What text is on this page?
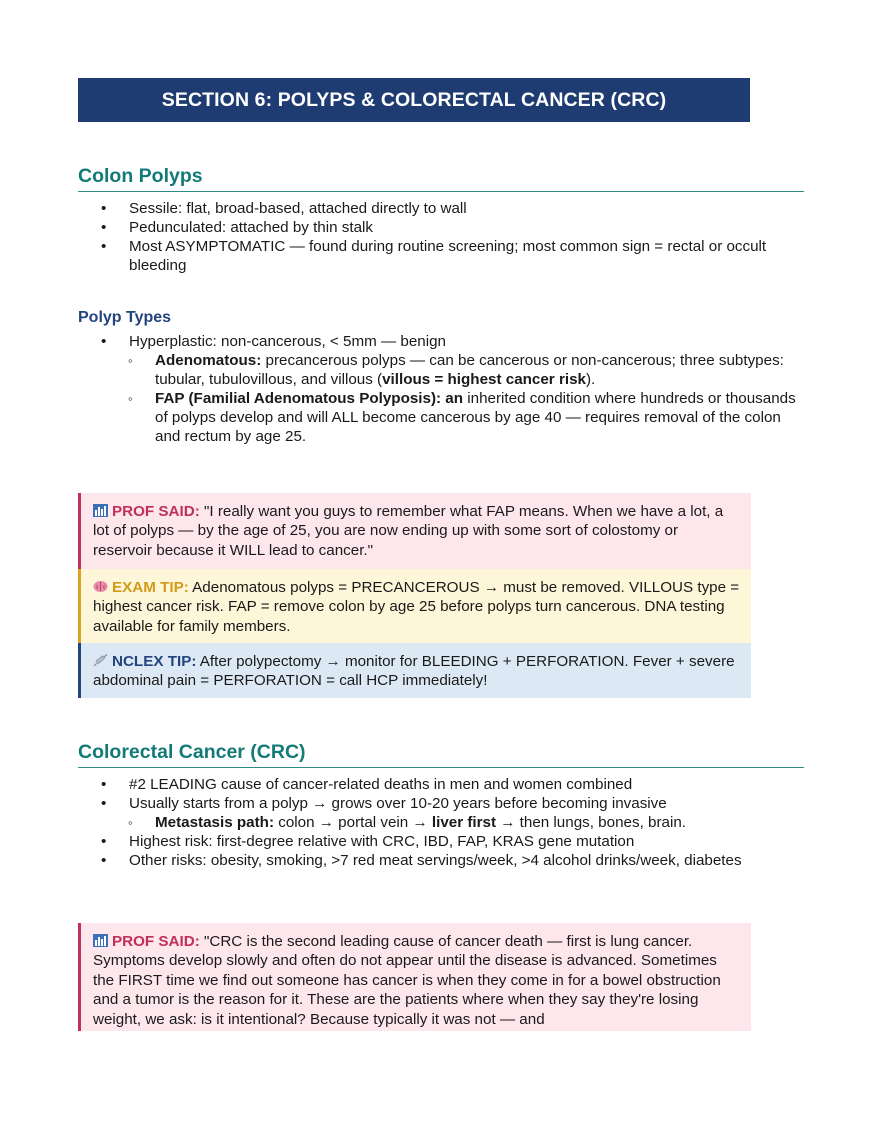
SECTION 6: POLYPS & COLORECTAL CANCER (CRC)
Colon Polyps
• Sessile: flat, broad-based, attached directly to wall
• Pedunculated: attached by thin stalk
• Most ASYMPTOMATIC — found during routine screening; most common sign = rectal or occult bleeding
Polyp Types
• Hyperplastic: non-cancerous, < 5mm — benign
◦ Adenomatous: precancerous polyps — can be cancerous or non-cancerous; three subtypes: tubular, tubulovillous, and villous (villous = highest cancer risk).
◦ FAP (Familial Adenomatous Polyposis): an inherited condition where hundreds or thousands of polyps develop and will ALL become cancerous by age 40 — requires removal of the colon and rectum by age 25.
PROF SAID: "I really want you guys to remember what FAP means. When we have a lot, a lot of polyps — by the age of 25, you are now ending up with some sort of colostomy or reservoir because it WILL lead to cancer."
EXAM TIP: Adenomatous polyps = PRECANCEROUS → must be removed. VILLOUS type = highest cancer risk. FAP = remove colon by age 25 before polyps turn cancerous. DNA testing available for family members.
NCLEX TIP: After polypectomy → monitor for BLEEDING + PERFORATION. Fever + severe abdominal pain = PERFORATION = call HCP immediately!
Colorectal Cancer (CRC)
• #2 LEADING cause of cancer-related deaths in men and women combined
• Usually starts from a polyp → grows over 10-20 years before becoming invasive
◦ Metastasis path: colon → portal vein → liver first → then lungs, bones, brain.
• Highest risk: first-degree relative with CRC, IBD, FAP, KRAS gene mutation
• Other risks: obesity, smoking, >7 red meat servings/week, >4 alcohol drinks/week, diabetes
PROF SAID: "CRC is the second leading cause of cancer death — first is lung cancer. Symptoms develop slowly and often do not appear until the disease is advanced. Sometimes the FIRST time we find out someone has cancer is when they come in for a bowel obstruction and a tumor is the reason for it. These are the patients where when they say they're losing weight, we ask: is it intentional? Because typically it was not — and
